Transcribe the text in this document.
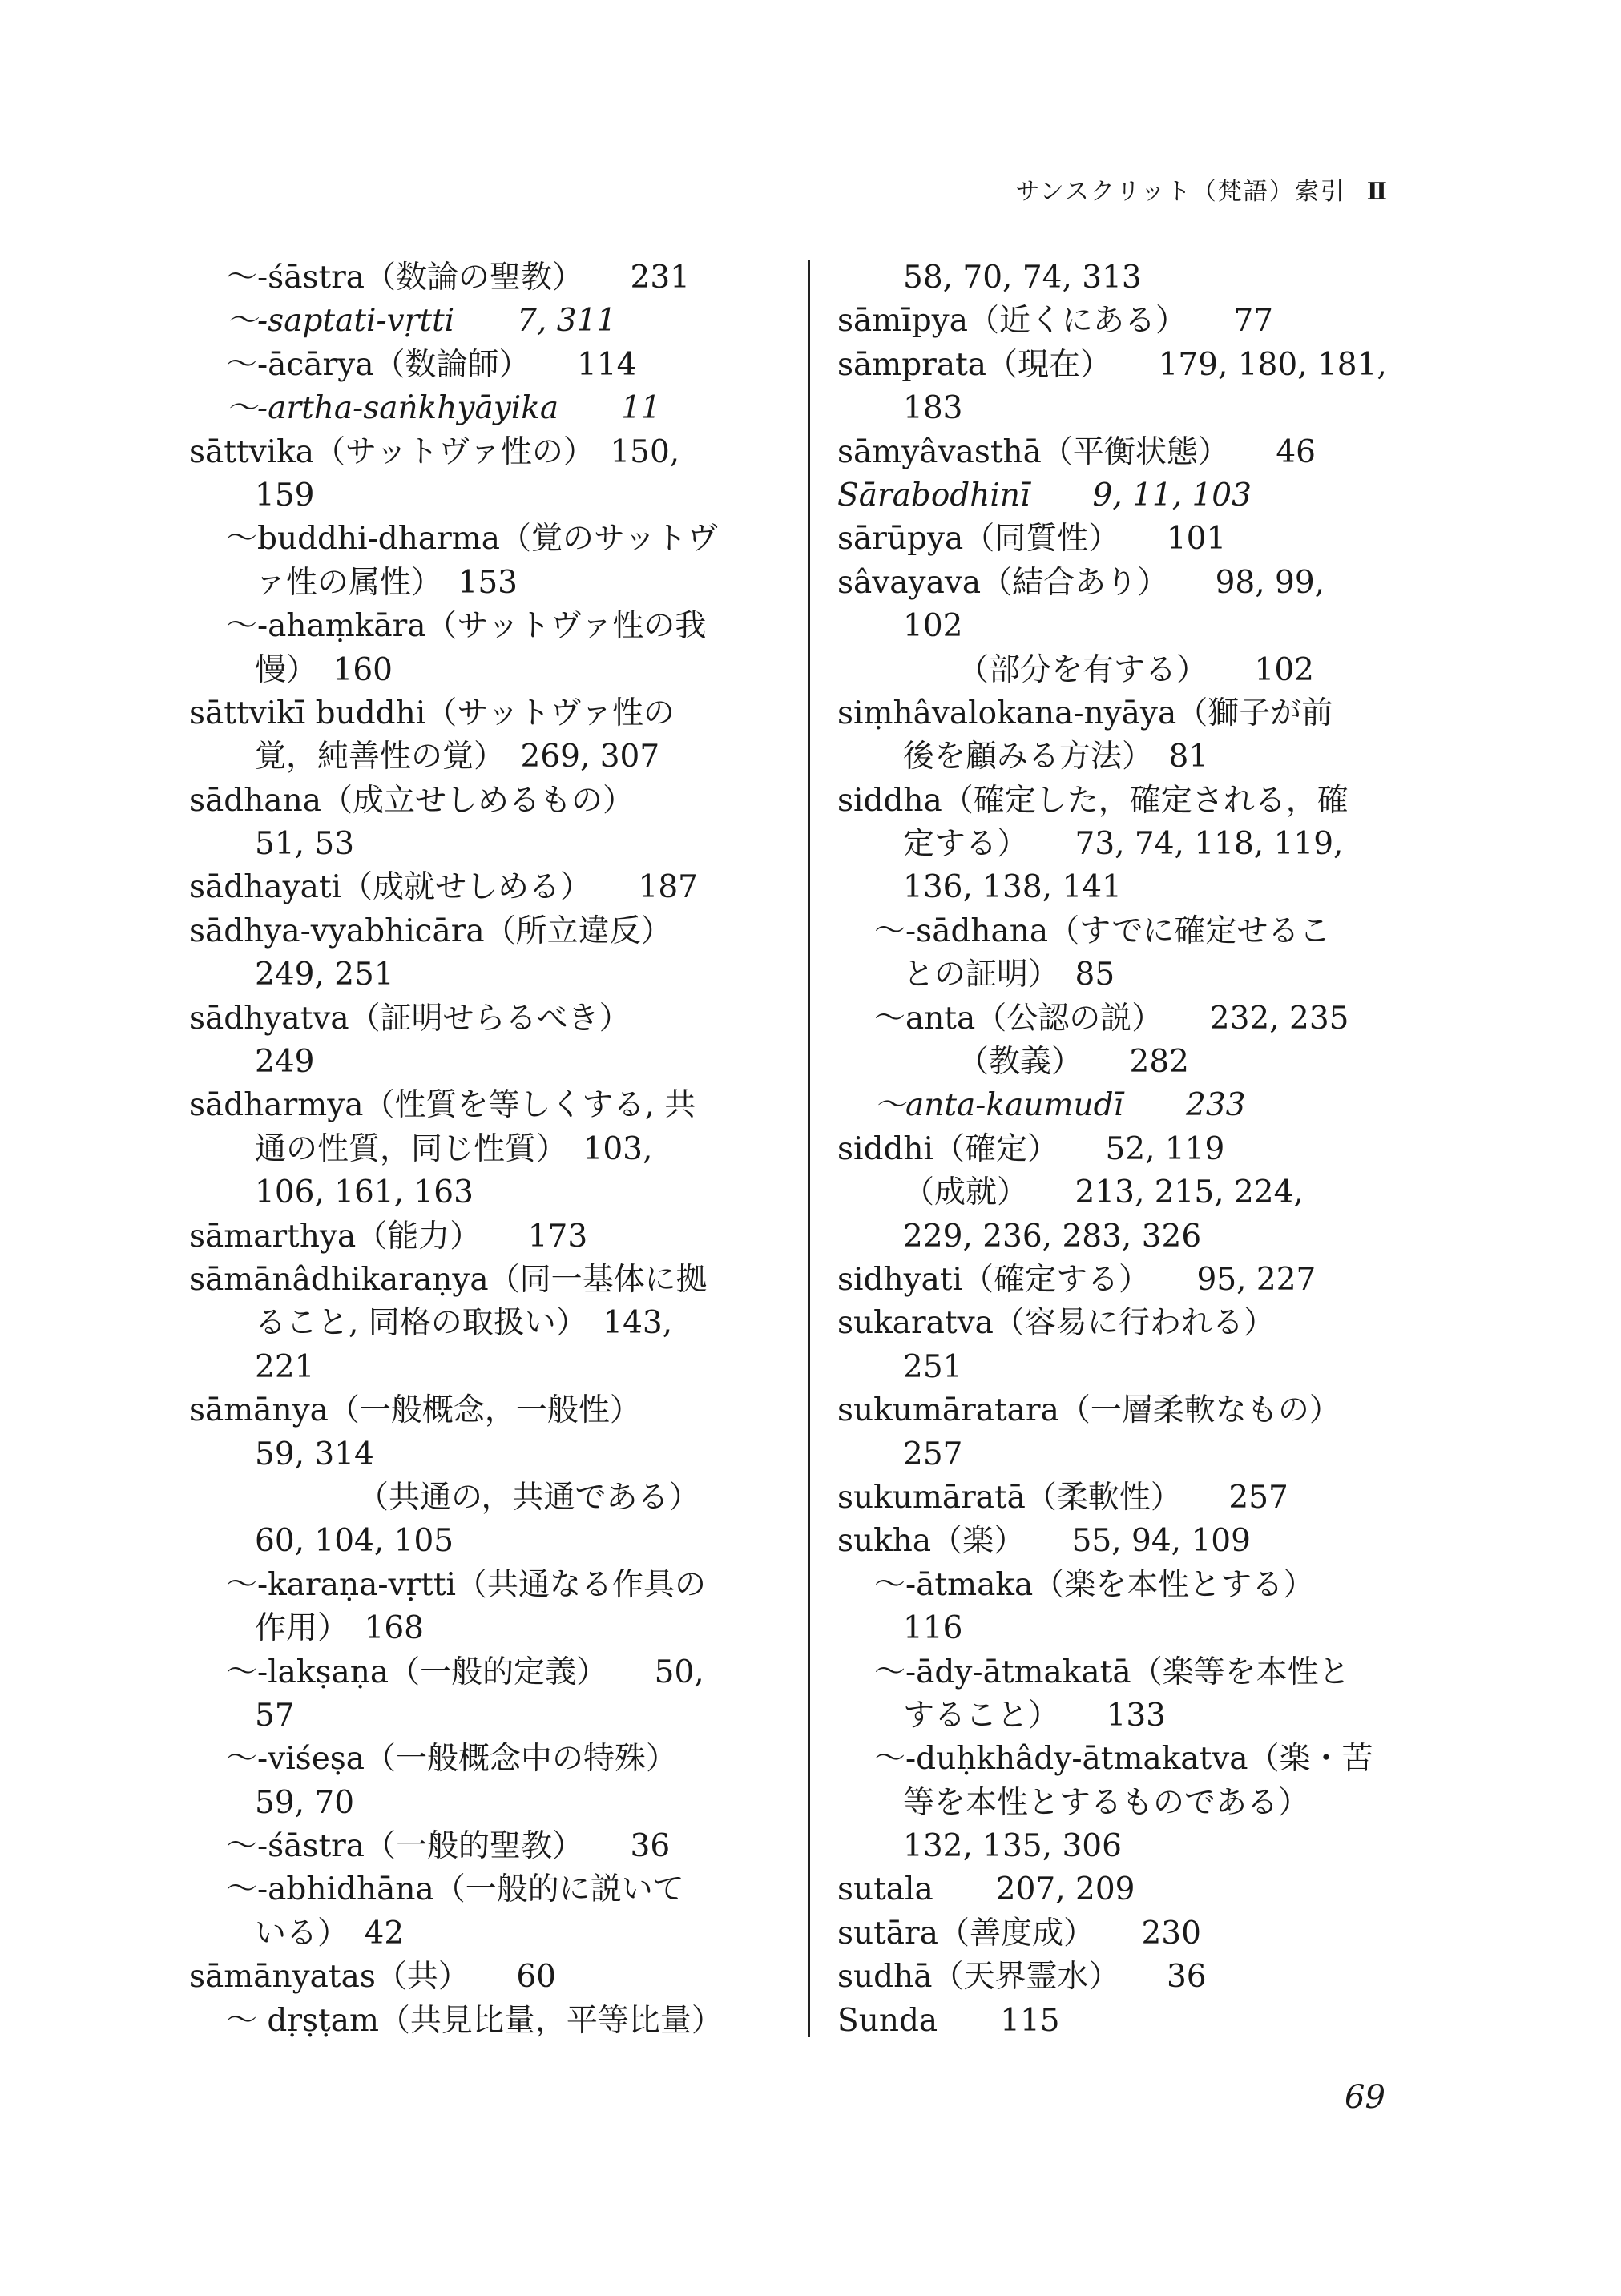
サンスクリット（梵語）索引 Ⅱ
～-śāstra（数論の聖教）　　231
～-saptati-vṛtti　　7, 311
～-ācārya（数論師）　　114
～-artha-saṅkhyāyika　　11
sāttvika（サットヴァ性の）　150,
159
～buddhi-dharma（覚のサットヴ
ァ性の属性）　153
～-ahaṃkāra（サットヴァ性の我
慢）　160
sāttvikī buddhi（サットヴァ性の
覚，純善性の覚）　269, 307
sādhana（成立せしめるもの）
51, 53
sādhayati（成就せしめる）　　187
sādhya-vyabhicāra（所立違反）
249, 251
sādhyatva（証明せらるべき）
249
sādharmya（性質を等しくする, 共
通の性質，同じ性質）　103,
106, 161, 163
sāmarthya（能力）　　173
sāmānâdhikaraṇya（同一基体に拠
ること, 同格の取扱い）　143,
221
sāmānya（一般概念，一般性）
59, 314
（共通の，共通である）
60, 104, 105
～-karaṇa-vṛtti（共通なる作具の
作用）　168
～-lakṣaṇa（一般的定義）　　50,
57
～-viśeṣa（一般概念中の特殊）
59, 70
～-śāstra（一般的聖教）　　36
～-abhidhāna（一般的に説いて
いる）　42
sāmānyatas（共）　　60
～ dṛṣṭam（共見比量，平等比量）
58, 70, 74, 313
sāmīpya（近くにある）　　77
sāmprata（現在）　　179, 180, 181,
183
sāmyâvasthā（平衡状態）　　46
Sārabodhinī　　9, 11, 103
sārūpya（同質性）　　101
sâvayava（結合あり）　　98, 99,
102
（部分を有する）　　102
siṃhâvalokana-nyāya（獅子が前
後を顧みる方法）　81
siddha（確定した，確定される，確
定する）　　73, 74, 118, 119,
136, 138, 141
～-sādhana（すでに確定せるこ
との証明）　85
～anta（公認の説）　　232, 235
（教義）　　282
～anta-kaumudī　　233
siddhi（確定）　　52, 119
（成就）　　213, 215, 224,
229, 236, 283, 326
sidhyati（確定する）　　95, 227
sukaratva（容易に行われる）
251
sukumāratara（一層柔軟なもの）
257
sukumāratā（柔軟性）　　257
sukha（楽）　　55, 94, 109
～-ātmaka（楽を本性とする）
116
～-ādy-ātmakatā（楽等を本性と
すること）　　133
～-duḥkhâdy-ātmakatva（楽・苦
等を本性とするものである）
132, 135, 306
sutala　　207, 209
sutāra（善度成）　　230
sudhā（天界霊水）　　36
Sunda　　115
69
